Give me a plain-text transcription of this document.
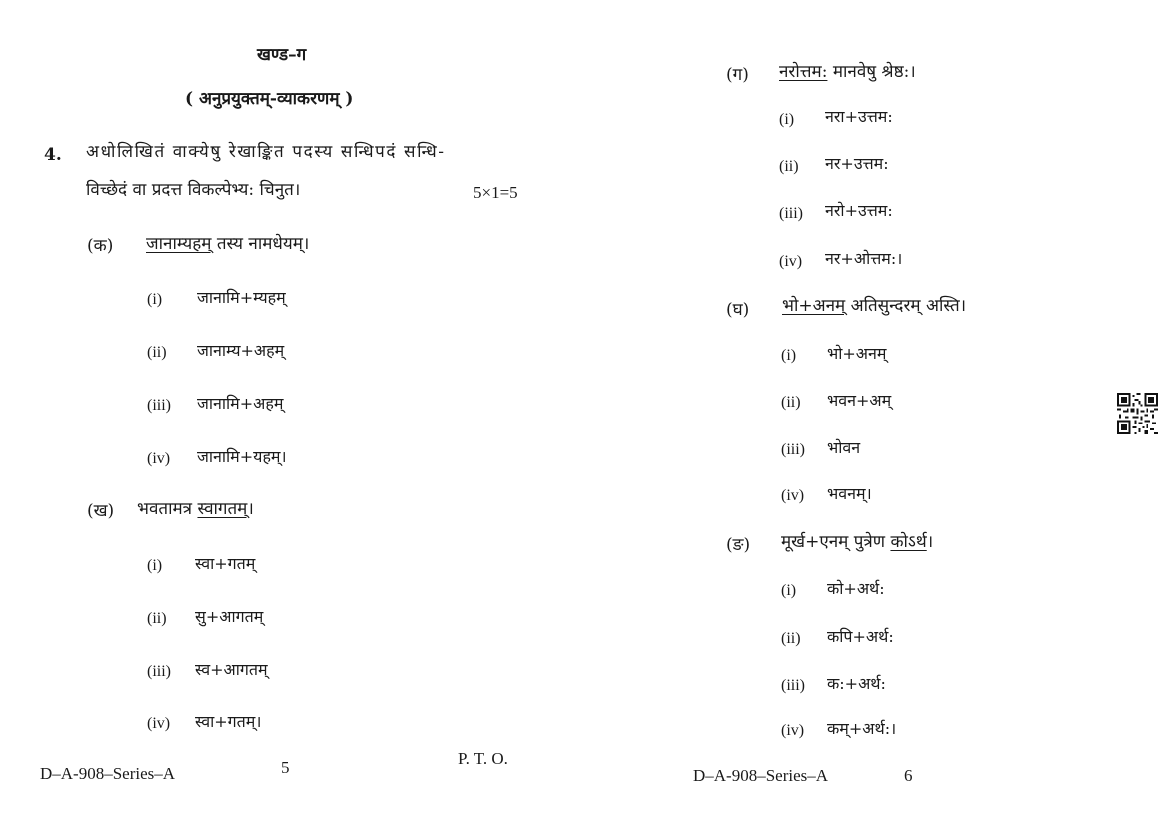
खण्ड–ग
( अनुप्रयुक्तम्-व्याकरणम् )
4. अधोलिखितं वाक्येषु रेखाङ्कित पदस्य सन्धिपदं सन्धि-
विच्छेदं वा प्रदत्त विकल्पेभ्य: चिनुत।	5×1=5
(क) जानाम्यहम् तस्य नामधेयम्।
(i) जानामि+म्यहम्
(ii) जानाम्य+अहम्
(iii) जानामि+अहम्
(iv) जानामि+यहम्।
(ख) भवतामत्र स्वागतम्।
(i) स्वा+गतम्
(ii) सु+आगतम्
(iii) स्व+आगतम्
(iv) स्वा+गतम्।
D–A-908–Series–A	5	P. T. O.
(ग) नरोत्तम: मानवेषु श्रेष्ठ:।
(i) नरा+उत्तम:
(ii) नर+उत्तम:
(iii) नरो+उत्तम:
(iv) नर+ओत्तम:।
(घ) भो+अनम् अतिसुन्दरम् अस्ति।
(i) भो+अनम्
(ii) भवन+अम्
(iii) भोवन
(iv) भवनम्।
(ङ) मूर्ख+एनम् पुत्रेण कोऽर्थ।
(i) को+अर्थ:
(ii) कपि+अर्थ:
(iii) क:+अर्थ:
(iv) कम्+अर्थ:।
D–A-908–Series–A	6
